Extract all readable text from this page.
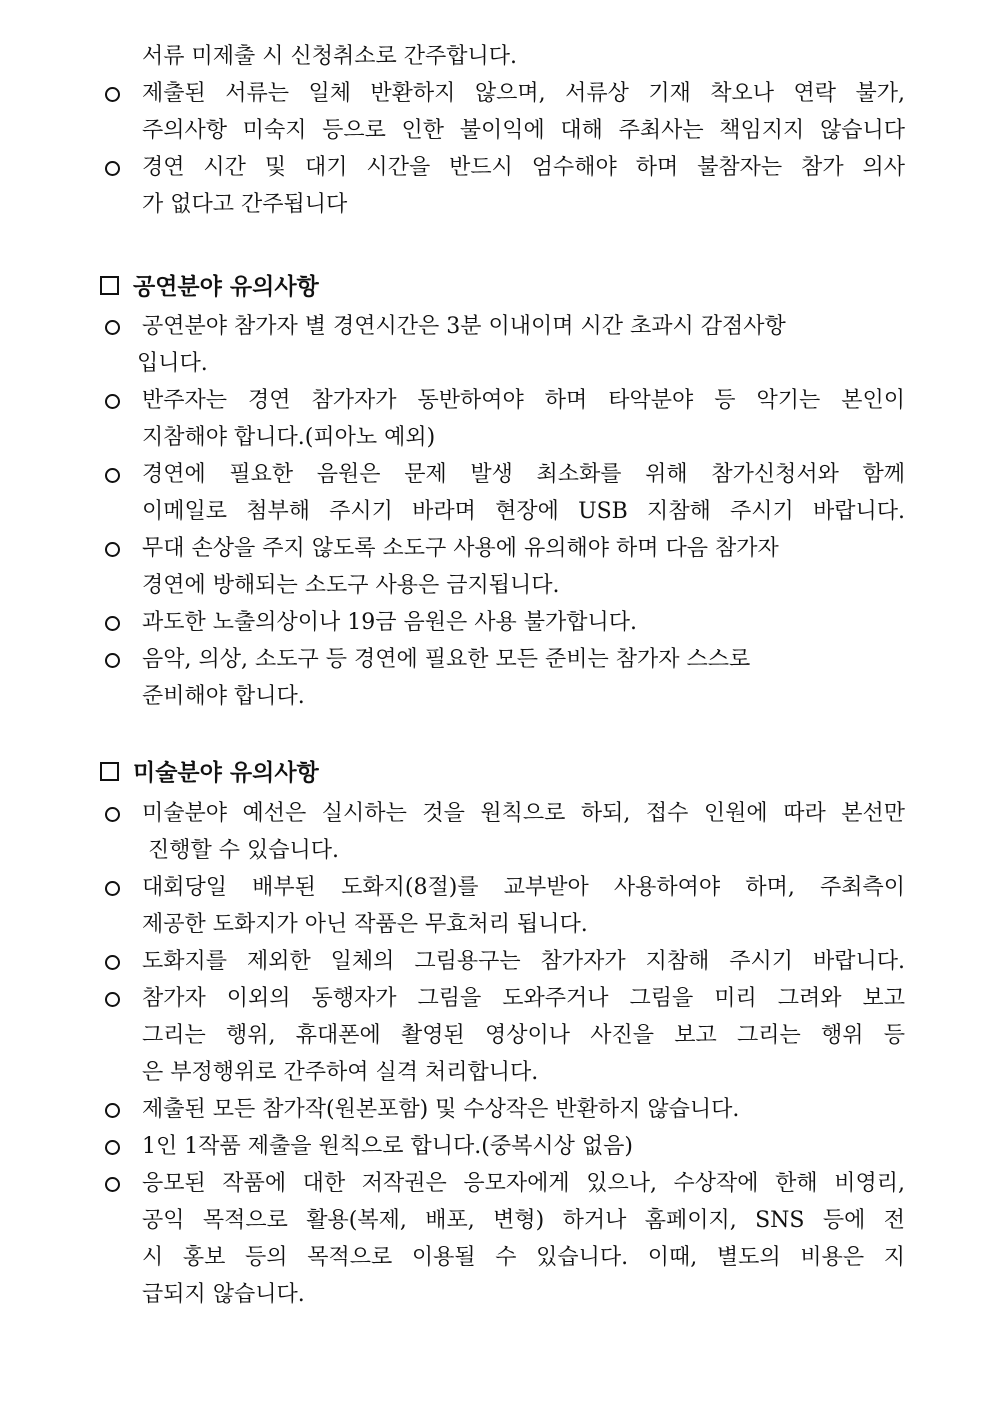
서류 미제출 시 신청취소로 간주합니다.
제출된 서류는 일체 반환하지 않으며, 서류상 기재 착오나 연락 불가,
주의사항 미숙지 등으로 인한 불이익에 대해 주최사는 책임지지 않습니다
경연 시간 및 대기 시간을 반드시 엄수해야 하며 불참자는 참가 의사
가 없다고 간주됩니다
공연분야 유의사항
공연분야 참가자 별 경연시간은 3분 이내이며 시간 초과시 감점사항
입니다.
반주자는 경연 참가자가 동반하여야 하며 타악분야 등 악기는 본인이
지참해야 합니다.(피아노 예외)
경연에 필요한 음원은 문제 발생 최소화를 위해 참가신청서와 함께
이메일로 첨부해 주시기 바라며 현장에 USB 지참해 주시기 바랍니다.
무대 손상을 주지 않도록 소도구 사용에 유의해야 하며 다음 참가자
경연에 방해되는 소도구 사용은 금지됩니다.
과도한 노출의상이나 19금 음원은 사용 불가합니다.
음악, 의상, 소도구 등 경연에 필요한 모든 준비는 참가자 스스로
준비해야 합니다.
미술분야 유의사항
미술분야 예선은 실시하는 것을 원칙으로 하되, 접수 인원에 따라 본선만
진행할 수 있습니다.
대회당일 배부된 도화지(8절)를 교부받아 사용하여야 하며, 주최측이
제공한 도화지가 아닌 작품은 무효처리 됩니다.
도화지를 제외한 일체의 그림용구는 참가자가 지참해 주시기 바랍니다.
참가자 이외의 동행자가 그림을 도와주거나 그림을 미리 그려와 보고
그리는 행위, 휴대폰에 촬영된 영상이나 사진을 보고 그리는 행위 등
은 부정행위로 간주하여 실격 처리합니다.
제출된 모든 참가작(원본포함) 및 수상작은 반환하지 않습니다.
1인 1작품 제출을 원칙으로 합니다.(중복시상 없음)
응모된 작품에 대한 저작권은 응모자에게 있으나, 수상작에 한해 비영리,
공익 목적으로 활용(복제, 배포, 변형) 하거나 홈페이지, SNS 등에 전
시 홍보 등의 목적으로 이용될 수 있습니다. 이때, 별도의 비용은 지
급되지 않습니다.
